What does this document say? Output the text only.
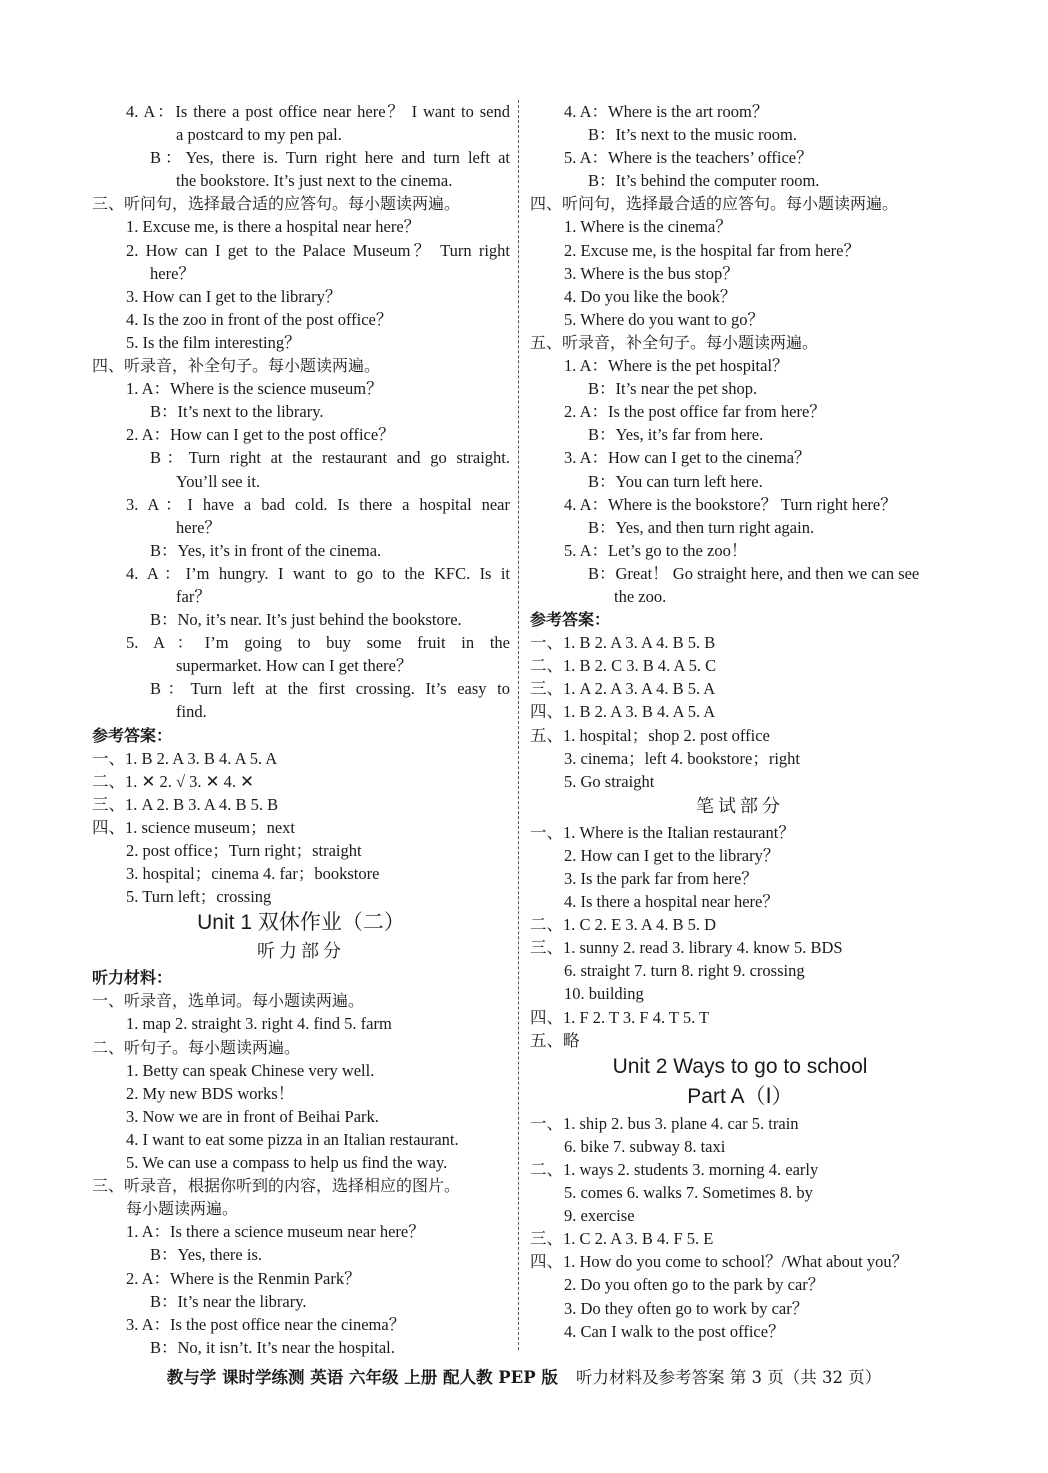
4. A：Is there a post office near here？ I want to send
a postcard to my pen pal.
B：Yes, there is. Turn right here and turn left at
the bookstore. It’s just next to the cinema.
三、听问句，选择最合适的应答句。每小题读两遍。
1. Excuse me, is there a hospital near here？
2. How can I get to the Palace Museum？ Turn right
here？
3. How can I get to the library？
4. Is the zoo in front of the post office？
5. Is the film interesting？
四、听录音，补全句子。每小题读两遍。
1. A：Where is the science museum？
B：It’s next to the library.
2. A：How can I get to the post office？
B：Turn right at the restaurant and go straight.
You’ll see it.
3. A：I have a bad cold. Is there a hospital near
here？
B：Yes, it’s in front of the cinema.
4. A：I’m hungry. I want to go to the KFC. Is it
far？
B：No, it’s near. It’s just behind the bookstore.
5. A：I’m going to buy some fruit in the
supermarket. How can I get there？
B：Turn left at the first crossing. It’s easy to
find.
参考答案：
一、1. B 2. A 3. B 4. A 5. A
二、1. ✕ 2. √ 3. ✕ 4. ✕
三、1. A 2. B 3. A 4. B 5. B
四、1. science museum；next
2. post office；Turn right；straight
3. hospital；cinema 4. far；bookstore
5. Turn left；crossing
Unit 1 双休作业（二）
听力部分
听力材料：
一、听录音，选单词。每小题读两遍。
1. map 2. straight 3. right 4. find 5. farm
二、听句子。每小题读两遍。
1. Betty can speak Chinese very well.
2. My new BDS works！
3. Now we are in front of Beihai Park.
4. I want to eat some pizza in an Italian restaurant.
5. We can use a compass to help us find the way.
三、听录音，根据你听到的内容，选择相应的图片。
每小题读两遍。
1. A：Is there a science museum near here？
B：Yes, there is.
2. A：Where is the Renmin Park？
B：It’s near the library.
3. A：Is the post office near the cinema？
B：No, it isn’t. It’s near the hospital.
4. A：Where is the art room？
B：It’s next to the music room.
5. A：Where is the teachers’ office？
B：It’s behind the computer room.
四、听问句，选择最合适的应答句。每小题读两遍。
1. Where is the cinema？
2. Excuse me, is the hospital far from here？
3. Where is the bus stop？
4. Do you like the book？
5. Where do you want to go？
五、听录音，补全句子。每小题读两遍。
1. A：Where is the pet hospital？
B：It’s near the pet shop.
2. A：Is the post office far from here？
B：Yes, it’s far from here.
3. A：How can I get to the cinema？
B：You can turn left here.
4. A：Where is the bookstore？ Turn right here？
B：Yes, and then turn right again.
5. A：Let’s go to the zoo！
B：Great！ Go straight here, and then we can see
the zoo.
参考答案：
一、1. B 2. A 3. A 4. B 5. B
二、1. B 2. C 3. B 4. A 5. C
三、1. A 2. A 3. A 4. B 5. A
四、1. B 2. A 3. B 4. A 5. A
五、1. hospital；shop 2. post office
3. cinema；left 4. bookstore；right
5. Go straight
笔试部分
一、1. Where is the Italian restaurant？
2. How can I get to the library？
3. Is the park far from here？
4. Is there a hospital near here？
二、1. C 2. E 3. A 4. B 5. D
三、1. sunny 2. read 3. library 4. know 5. BDS
6. straight 7. turn 8. right 9. crossing
10. building
四、1. F 2. T 3. F 4. T 5. T
五、略
Unit 2 Ways to go to school
Part A（Ⅰ）
一、1. ship 2. bus 3. plane 4. car 5. train
6. bike 7. subway 8. taxi
二、1. ways 2. students 3. morning 4. early
5. comes 6. walks 7. Sometimes 8. by
9. exercise
三、1. C 2. A 3. B 4. F 5. E
四、1. How do you come to school？/What about you？
2. Do you often go to the park by car？
3. Do they often go to work by car？
4. Can I walk to the post office？
教与学 课时学练测 英语 六年级 上册 配人教 PEP 版 听力材料及参考答案 第 3 页（共 32 页）
